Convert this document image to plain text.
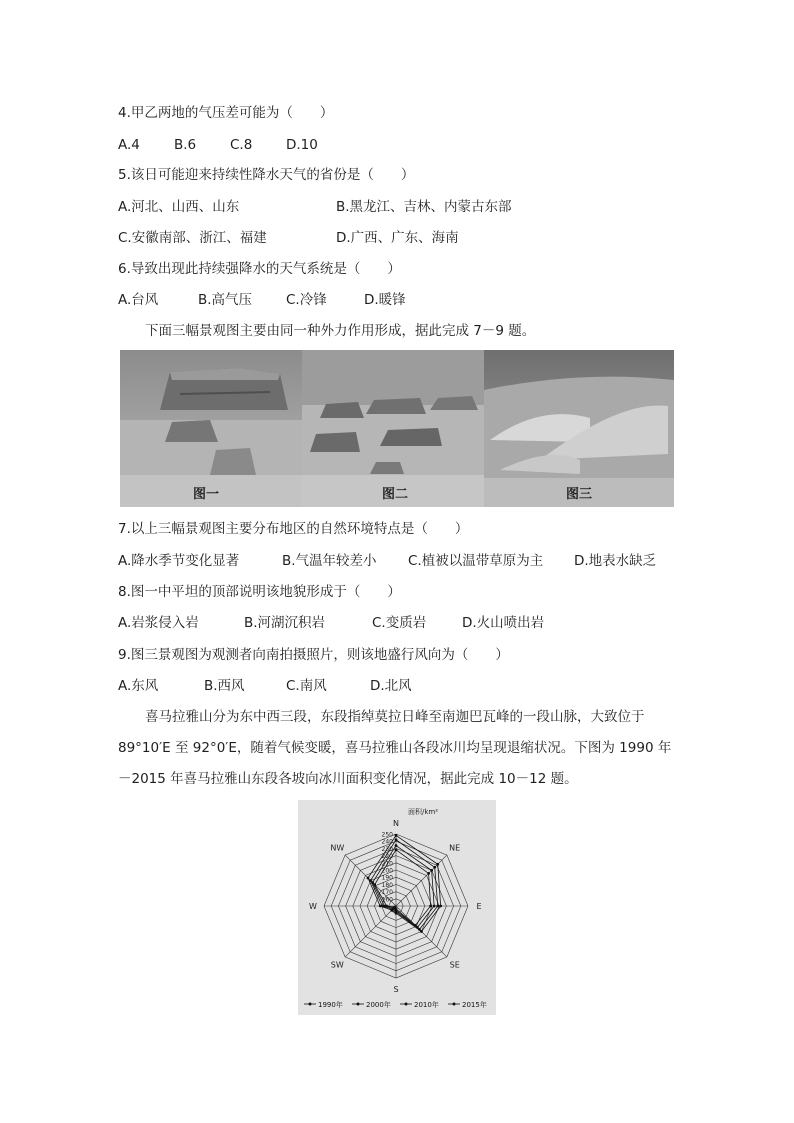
4.甲乙两地的气压差可能为（　　）
A.4	B.6	C.8 D.10
5.该日可能迎来持续性降水天气的省份是（　　）
A.河北、山西、山东	B.黑龙江、吉林、内蒙古东部
C.安徽南部、浙江、福建	D.广西、广东、海南
6.导致出现此持续强降水的天气系统是（　　）
A.台风	B.高气压	C.冷锋	D.暖锋
下面三幅景观图主要由同一种外力作用形成，据此完成 7－9 题。
图一	图二	图三
7.以上三幅景观图主要分布地区的自然环境特点是（　　）
A.降水季节变化显著	B.气温年较差小 C.植被以温带草原为主 D.地表水缺乏
8.图一中平坦的顶部说明该地貌形成于（　　）
A.岩浆侵入岩	B.河湖沉积岩	C.变质岩	D.火山喷出岩
9.图三景观图为观测者向南拍摄照片，则该地盛行风向为（　　）
A.东风	B.西风	C.南风	D.北风
喜马拉雅山分为东中西三段，东段指绰莫拉日峰至南迦巴瓦峰的一段山脉，大致位于89°10′E 至 92°0′E，随着气候变暖，喜马拉雅山各段冰川均呈现退缩状况。下图为 1990 年－2015 年喜马拉雅山东段各坡向冰川面积变化情况，据此完成 10－12 题。
N
NE
E
SE
S
SW
W
NW
160
170
180
190
200
210
220
230
240
250
面积/km²
1990年	2000年	2010年	2015年
